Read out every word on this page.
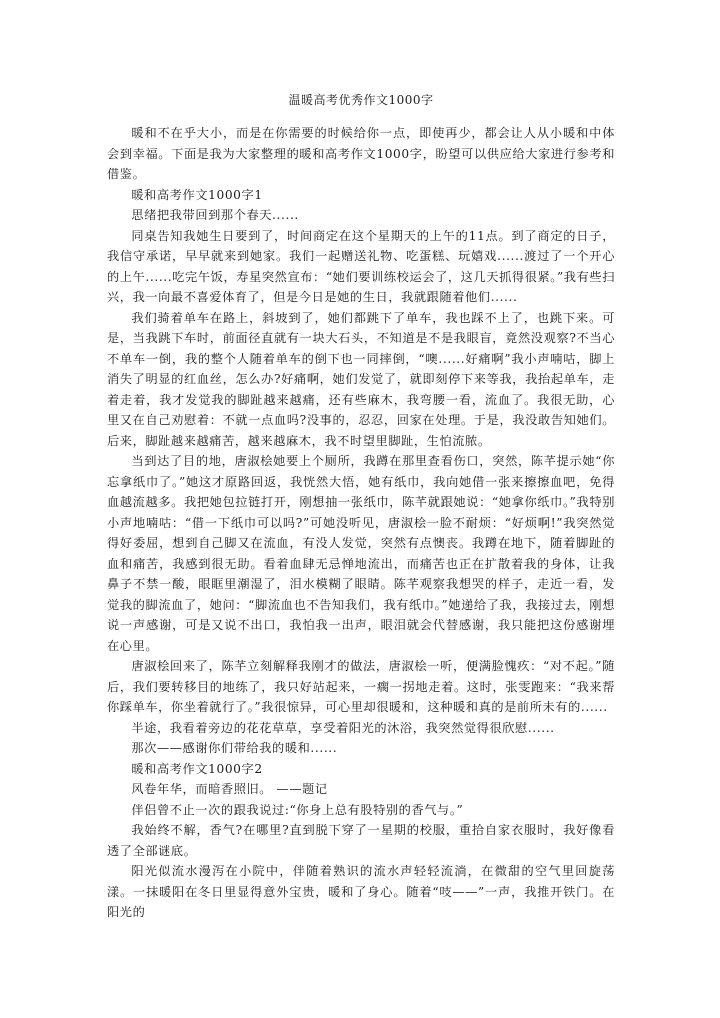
温暖高考优秀作文1000字

暖和不在乎大小，而是在你需要的时候给你一点，即使再少，都会让人从小暖和中体会到幸福。下面是我为大家整理的暖和高考作文1000字，盼望可以供应给大家进行参考和借鉴。

暖和高考作文1000字1

思绪把我带回到那个春天......

同桌告知我她生日要到了，时间商定在这个星期天的上午的11点。到了商定的日子，我信守承诺，早早就来到她家。我们一起赠送礼物、吃蛋糕、玩嬉戏......渡过了一个开心的上午......吃完午饭，寿星突然宣布：“她们要训练校运会了，这几天抓得很紧。”我有些扫兴，我一向最不喜爱体育了，但是今日是她的生日，我就跟随着他们......

我们骑着单车在路上，斜坡到了，她们都跳下了单车，我也踩不上了，也跳下来。可是，当我跳下车时，前面径直就有一块大石头，不知道是不是我眼盲，竟然没观察?不当心不单车一倒，我的整个人随着单车的倒下也一同摔倒，“噢......好痛啊”我小声喃咕，脚上消失了明显的红血丝，怎么办?好痛啊，她们发觉了，就即刻停下来等我，我抬起单车，走着走着，我才发觉我的脚趾越来越痛，还有些麻木，我弯腰一看，流血了。我很无助，心里又在自己劝慰着：不就一点血吗?没事的，忍忍，回家在处理。于是，我没敢告知她们。后来，脚趾越来越痛苦，越来越麻木，我不时望里脚趾，生怕流脓。

当到达了目的地，唐淑桧她要上个厕所，我蹲在那里查看伤口，突然，陈芊提示她“你忘拿纸巾了。”她这才原路回返，我恍然大悟，她有纸巾，我向她借一张来擦擦血吧，免得血越流越多。我把她包拉链打开，刚想抽一张纸巾，陈芊就跟她说：“她拿你纸巾。”我特别小声地喃咕：“借一下纸巾可以吗?”可她没听见，唐淑桧一脸不耐烦：“好烦啊!”我突然觉得好委屈，想到自己脚又在流血，有没人发觉，突然有点懊丧。我蹲在地下，随着脚趾的血和痛苦，我感到很无助。看着血肆无忌惮地流出，而痛苦也正在扩散着我的身体，让我鼻子不禁一酸，眼眶里潮湿了，泪水模糊了眼睛。陈芊观察我想哭的样子，走近一看，发觉我的脚流血了，她问：“脚流血也不告知我们，我有纸巾。”她递给了我，我接过去，刚想说一声感谢，可是又说不出口，我怕我一出声，眼泪就会代替感谢，我只能把这份感谢埋在心里。

唐淑桧回来了，陈芊立刻解释我刚才的做法，唐淑桧一听，便满脸愧疚：“对不起。”随后，我们要转移目的地练了，我只好站起来，一瘸一拐地走着。这时，张雯跑来：“我来帮你踩单车，你坐着就行了。”我很惊异，可心里却很暖和，这种暖和真的是前所未有的......

半途，我看着旁边的花花草草，享受着阳光的沐浴，我突然觉得很欣慰......

那次——感谢你们带给我的暖和......

暖和高考作文1000字2

风卷年华，而暗香照旧。 ——题记

伴侣曾不止一次的跟我说过:“你身上总有股特别的香气与。”

我始终不解，香气?在哪里?直到脱下穿了一星期的校服，重拾自家衣服时，我好像看透了全部谜底。

阳光似流水漫泻在小院中，伴随着熟识的流水声轻轻流淌，在微甜的空气里回旋荡漾。一抹暖阳在冬日里显得意外宝贵，暖和了身心。随着“吱——”一声，我推开铁门。在阳光的
